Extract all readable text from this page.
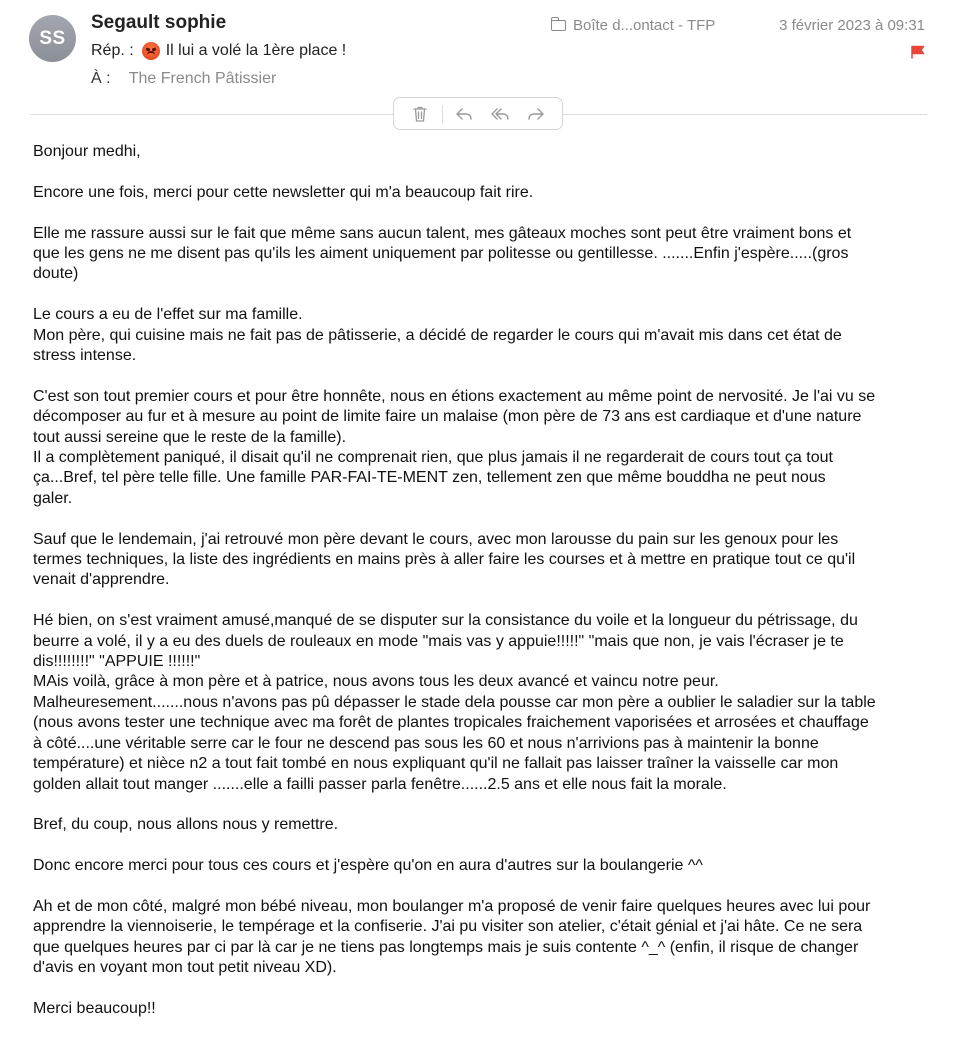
SS
Segault sophie
Rép. : Il lui a volé la 1ère place !
À : The French Pâtissier
Boîte d...ontact - TFP	3 février 2023 à 09:31

Bonjour medhi,

Encore une fois, merci pour cette newsletter qui m'a beaucoup fait rire.

Elle me rassure aussi sur le fait que même sans aucun talent, mes gâteaux moches sont peut être vraiment bons et
que les gens ne me disent pas qu'ils les aiment uniquement par politesse ou gentillesse. .......Enfin j'espère.....(gros
doute)

Le cours a eu de l'effet sur ma famille.
Mon père, qui cuisine mais ne fait pas de pâtisserie, a décidé de regarder le cours qui m'avait mis dans cet état de
stress intense.

C'est son tout premier cours et pour être honnête, nous en étions exactement au même point de nervosité. Je l'ai vu se
décomposer au fur et à mesure au point de limite faire un malaise (mon père de 73 ans est cardiaque et d'une nature
tout aussi sereine que le reste de la famille).
Il a complètement paniqué, il disait qu'il ne comprenait rien, que plus jamais il ne regarderait de cours tout ça tout
ça...Bref, tel père telle fille. Une famille PAR-FAI-TE-MENT zen, tellement zen que même bouddha ne peut nous
galer.

Sauf que le lendemain, j'ai retrouvé mon père devant le cours, avec mon larousse du pain sur les genoux pour les
termes techniques, la liste des ingrédients en mains près à aller faire les courses et à mettre en pratique tout ce qu'il
venait d'apprendre.

Hé bien, on s'est vraiment amusé,manqué de se disputer sur la consistance du voile et la longueur du pétrissage, du
beurre a volé, il y a eu des duels de rouleaux en mode "mais vas y appuie!!!!!" "mais que non, je vais l'écraser je te
dis!!!!!!!!" "APPUIE !!!!!!"
MAis voilà, grâce à mon père et à patrice, nous avons tous les deux avancé et vaincu notre peur.
Malheuresement.......nous n'avons pas pû dépasser le stade dela pousse car mon père a oublier le saladier sur la table
(nous avons tester une technique avec ma forêt de plantes tropicales fraichement vaporisées et arrosées et chauffage
à côté....une véritable serre car le four ne descend pas sous les 60 et nous n'arrivions pas à maintenir la bonne
température) et nièce n2 a tout fait tombé en nous expliquant qu'il ne fallait pas laisser traîner la vaisselle car mon
golden allait tout manger .......elle a failli passer parla fenêtre......2.5 ans et elle nous fait la morale.

Bref, du coup, nous allons nous y remettre.

Donc encore merci pour tous ces cours et j'espère qu'on en aura d'autres sur la boulangerie ^^

Ah et de mon côté, malgré mon bébé niveau, mon boulanger m'a proposé de venir faire quelques heures avec lui pour
apprendre la viennoiserie, le tempérage et la confiserie. J'ai pu visiter son atelier, c'était génial et j'ai hâte. Ce ne sera
que quelques heures par ci par là car je ne tiens pas longtemps mais je suis contente ^_^ (enfin, il risque de changer
d'avis en voyant mon tout petit niveau XD).

Merci beaucoup!!
